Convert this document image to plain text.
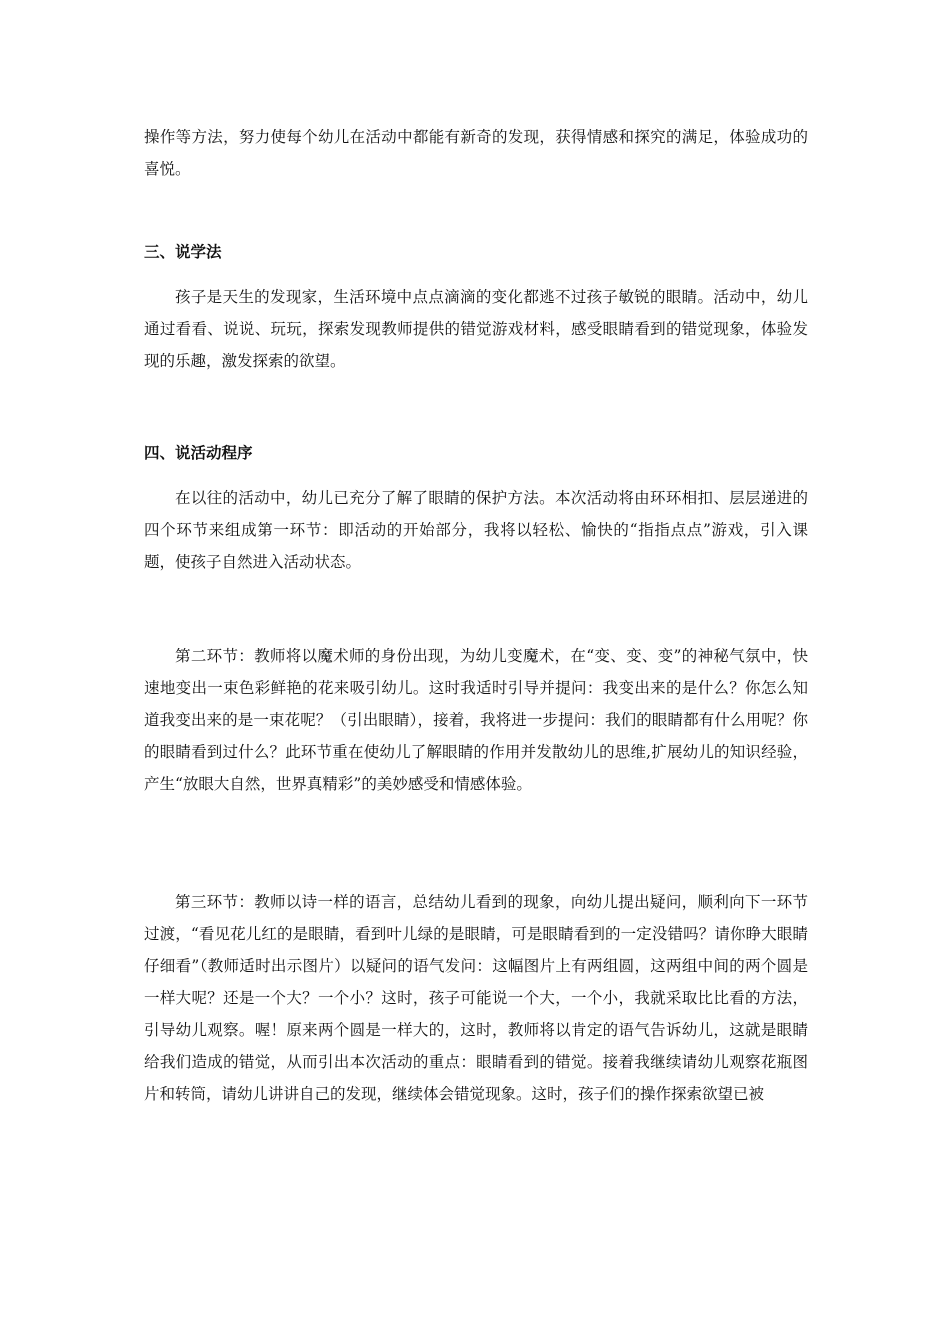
操作等方法，努力使每个幼儿在活动中都能有新奇的发现，获得情感和探究的满足，体验成功的喜悦。

三、说学法

孩子是天生的发现家，生活环境中点点滴滴的变化都逃不过孩子敏锐的眼睛。活动中，幼儿通过看看、说说、玩玩，探索发现教师提供的错觉游戏材料，感受眼睛看到的错觉现象，体验发现的乐趣，激发探索的欲望。

四、说活动程序

在以往的活动中，幼儿已充分了解了眼睛的保护方法。本次活动将由环环相扣、层层递进的四个环节来组成第一环节：即活动的开始部分，我将以轻松、愉快的“指指点点”游戏，引入课题，使孩子自然进入活动状态。

第二环节：教师将以魔术师的身份出现，为幼儿变魔术，在“变、变、变”的神秘气氛中，快速地变出一束色彩鲜艳的花来吸引幼儿。这时我适时引导并提问：我变出来的是什么？你怎么知道我变出来的是一束花呢？（引出眼睛），接着，我将进一步提问：我们的眼睛都有什么用呢？你的眼睛看到过什么？此环节重在使幼儿了解眼睛的作用并发散幼儿的思维,扩展幼儿的知识经验，产生“放眼大自然，世界真精彩”的美妙感受和情感体验。

第三环节：教师以诗一样的语言，总结幼儿看到的现象，向幼儿提出疑问，顺利向下一环节过渡，“看见花儿红的是眼睛，看到叶儿绿的是眼睛，可是眼睛看到的一定没错吗？请你睁大眼睛仔细看”（教师适时出示图片）以疑问的语气发问：这幅图片上有两组圆，这两组中间的两个圆是一样大呢？还是一个大？一个小？这时，孩子可能说一个大，一个小，我就采取比比看的方法，引导幼儿观察。喔！原来两个圆是一样大的，这时，教师将以肯定的语气告诉幼儿，这就是眼睛给我们造成的错觉，从而引出本次活动的重点：眼睛看到的错觉。接着我继续请幼儿观察花瓶图片和转筒，请幼儿讲讲自己的发现，继续体会错觉现象。这时，孩子们的操作探索欲望已被
